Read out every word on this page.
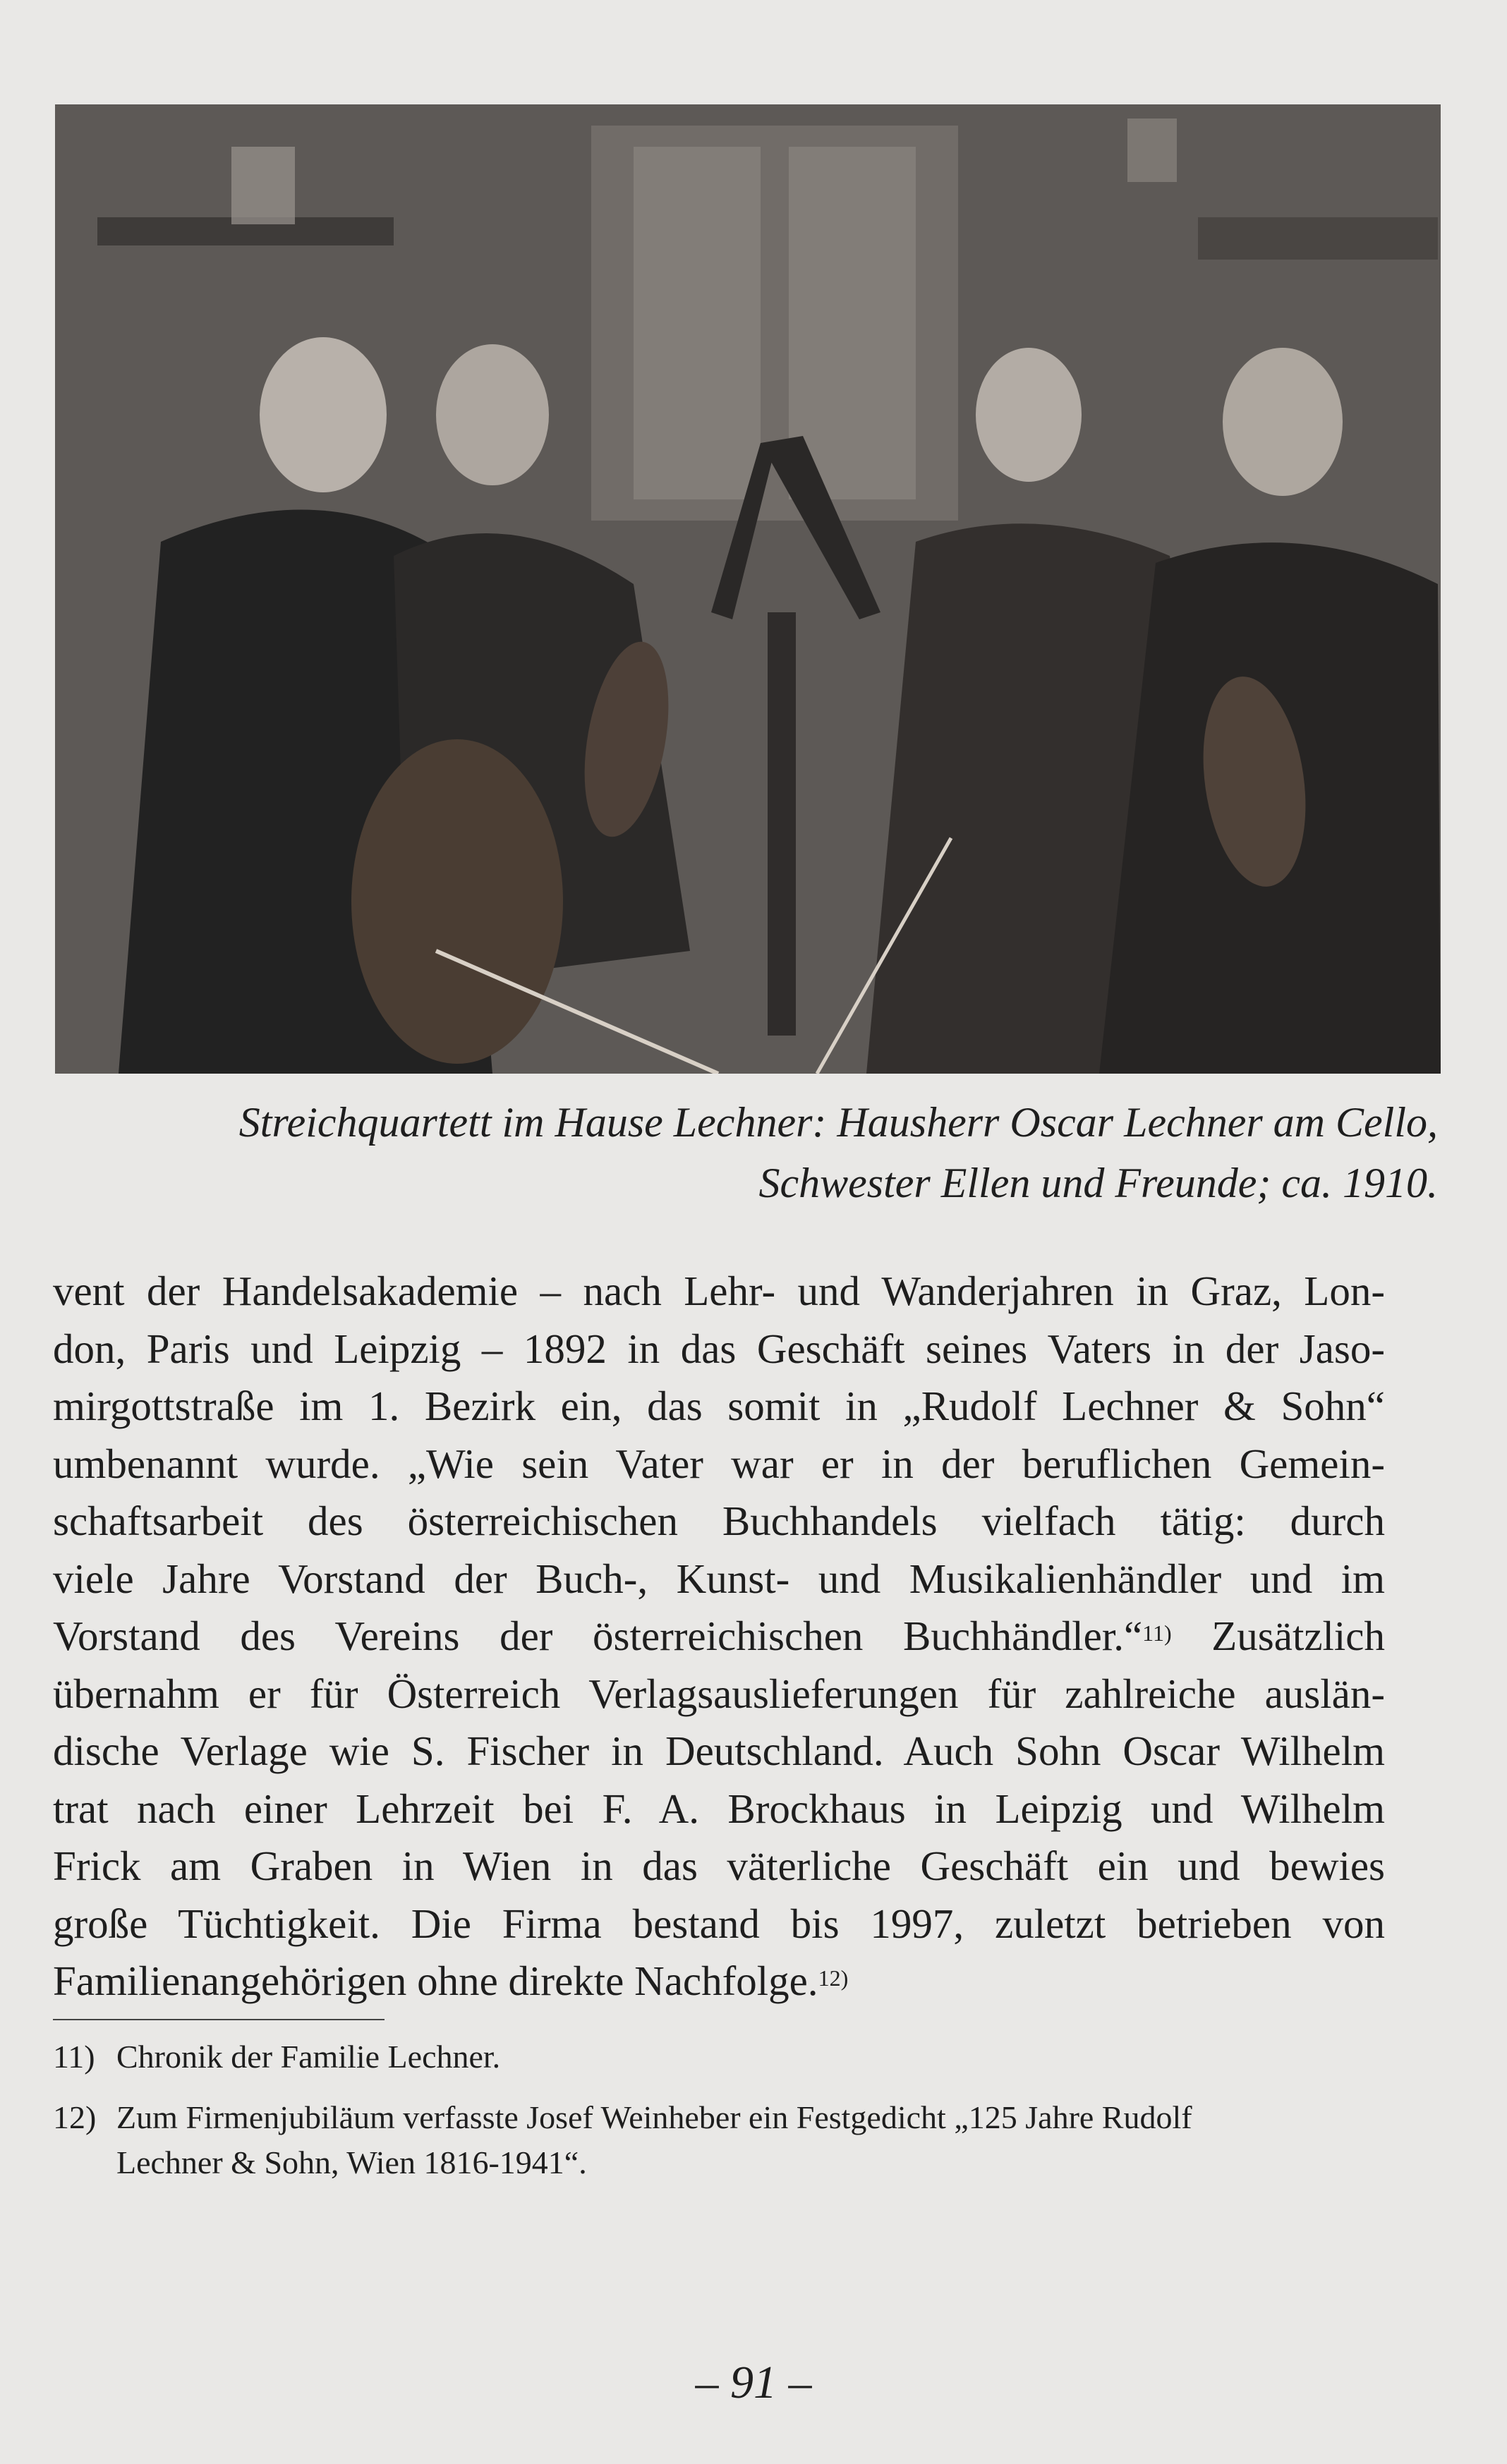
Streichquartett im Hause Lechner: Hausherr Oscar Lechner am Cello,
Schwester Ellen und Freunde; ca. 1910.
vent der Handelsakademie – nach Lehr- und Wanderjahren in Graz, Lon-
don, Paris und Leipzig – 1892 in das Geschäft seines Vaters in der Jaso-
mirgottstraße im 1. Bezirk ein, das somit in „Rudolf Lechner & Sohn“
umbenannt wurde. „Wie sein Vater war er in der beruflichen Gemein-
schaftsarbeit des österreichischen Buchhandels vielfach tätig: durch
viele Jahre Vorstand der Buch-, Kunst- und Musikalienhändler und im
Vorstand des Vereins der österreichischen Buchhändler.“$^{11)}$ Zusätzlich
übernahm er für Österreich Verlagsauslieferungen für zahlreiche auslän-
dische Verlage wie S. Fischer in Deutschland. Auch Sohn Oscar Wilhelm
trat nach einer Lehrzeit bei F. A. Brockhaus in Leipzig und Wilhelm
Frick am Graben in Wien in das väterliche Geschäft ein und bewies
große Tüchtigkeit. Die Firma bestand bis 1997, zuletzt betrieben von
Familienangehörigen ohne direkte Nachfolge.$^{12)}$
11) Chronik der Familie Lechner.
12) Zum Firmenjubiläum verfasste Josef Weinheber ein Festgedicht „125 Jahre Rudolf
Lechner & Sohn, Wien 1816-1941“.
– 91 –
